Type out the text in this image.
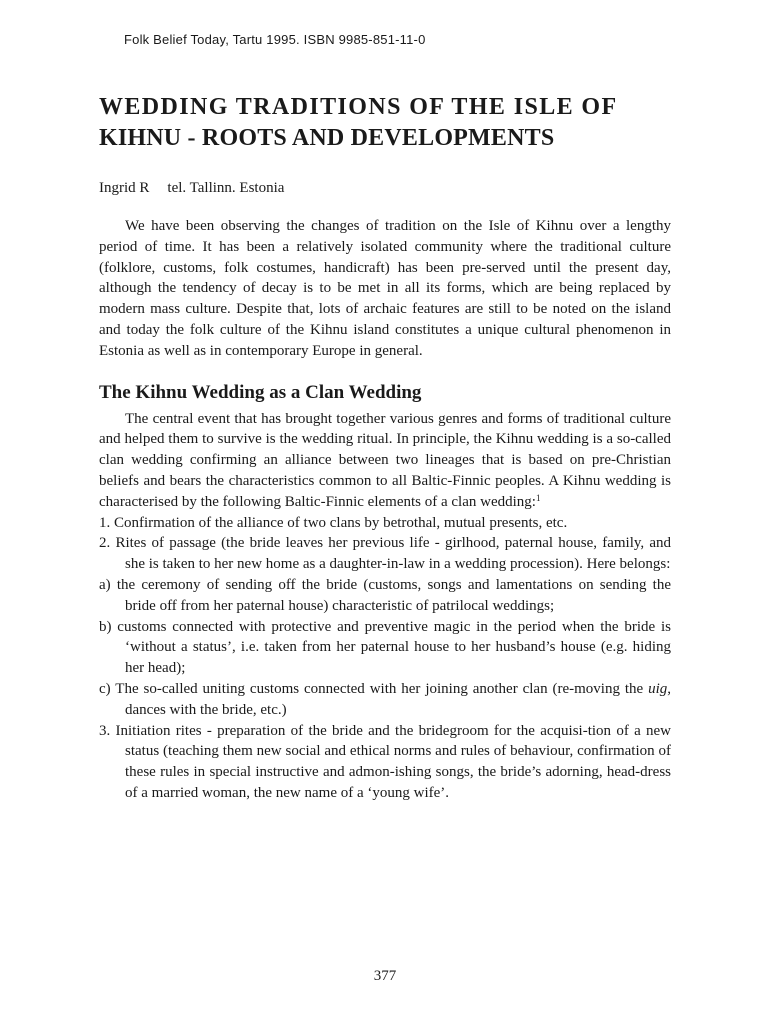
Folk Belief Today, Tartu 1995. ISBN 9985-851-11-0
WEDDING TRADITIONS OF THE ISLE OF
KIHNU - ROOTS AND DEVELOPMENTS
Ingrid R tel. Tallinn. Estonia

We have been observing the changes of tradition on the Isle of Kihnu over a lengthy period of time. It has been a relatively isolated community where the traditional culture (folklore, customs, folk costumes, handicraft) has been pre-served until the present day, although the tendency of decay is to be met in all its forms, which are being replaced by modern mass culture. Despite that, lots of archaic features are still to be noted on the island and today the folk culture of the Kihnu island constitutes a unique cultural phenomenon in Estonia as well as in contemporary Europe in general.

The Kihnu Wedding as a Clan Wedding

The central event that has brought together various genres and forms of traditional culture and helped them to survive is the wedding ritual. In principle, the Kihnu wedding is a so-called clan wedding confirming an alliance between two lineages that is based on pre-Christian beliefs and bears the characteristics common to all Baltic-Finnic peoples. A Kihnu wedding is characterised by the following Baltic-Finnic elements of a clan wedding:$^1$

1. Confirmation of the alliance of two clans by betrothal, mutual presents, etc.

2. Rites of passage (the bride leaves her previous life - girlhood, paternal house, family, and she is taken to her new home as a daughter-in-law in a wedding procession). Here belongs:

a) the ceremony of sending off the bride (customs, songs and lamentations on sending the bride off from her paternal house) characteristic of patrilocal weddings;

b) customs connected with protective and preventive magic in the period when the bride is ‘without a status’, i.e. taken from her paternal house to her husband’s house (e.g. hiding her head);

c) The so-called uniting customs connected with her joining another clan (re-moving the uig, dances with the bride, etc.)

3. Initiation rites - preparation of the bride and the bridegroom for the acquisi-tion of a new status (teaching them new social and ethical norms and rules of behaviour, confirmation of these rules in special instructive and admon-ishing songs, the bride’s adorning, head-dress of a married woman, the new name of a ‘young wife’.

377
